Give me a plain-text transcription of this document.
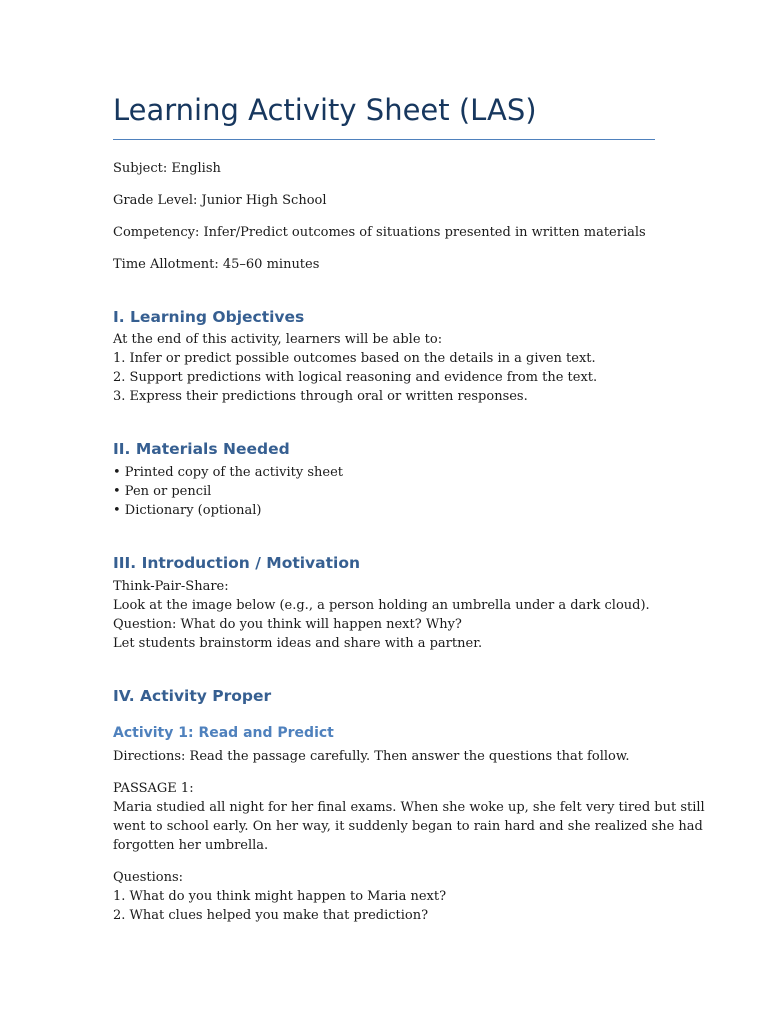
Learning Activity Sheet (LAS)

Subject: English

Grade Level: Junior High School

Competency: Infer/Predict outcomes of situations presented in written materials

Time Allotment: 45–60 minutes

I. Learning Objectives

At the end of this activity, learners will be able to:

1. Infer or predict possible outcomes based on the details in a given text.

2. Support predictions with logical reasoning and evidence from the text.

3. Express their predictions through oral or written responses.

II. Materials Needed

• Printed copy of the activity sheet

• Pen or pencil

• Dictionary (optional)

III. Introduction / Motivation

Think-Pair-Share:

Look at the image below (e.g., a person holding an umbrella under a dark cloud).

Question: What do you think will happen next? Why?

Let students brainstorm ideas and share with a partner.

IV. Activity Proper
Activity 1: Read and Predict

Directions: Read the passage carefully. Then answer the questions that follow.

PASSAGE 1:

Maria studied all night for her final exams. When she woke up, she felt very tired but still

went to school early. On her way, it suddenly began to rain hard and she realized she had

forgotten her umbrella.

Questions:

1. What do you think might happen to Maria next?

2. What clues helped you make that prediction?
